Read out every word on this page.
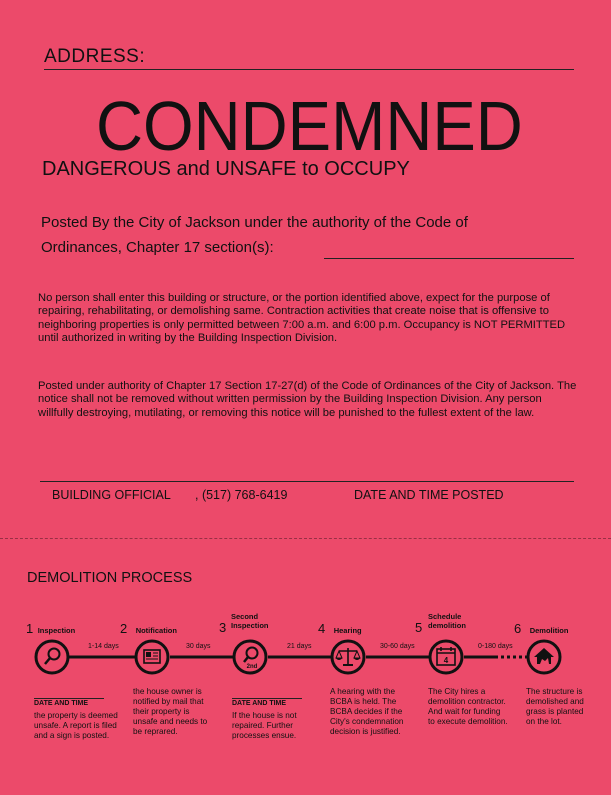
ADDRESS:
CONDEMNED
DANGEROUS and UNSAFE to OCCUPY
Posted By the City of Jackson under the authority of the Code of
Ordinances, Chapter 17 section(s):
No person shall enter this building or structure, or the portion identified above, expect for the purpose of
repairing, rehabilitating, or demolishing same. Contraction activities that create noise that is offensive to
neighboring properties is only permitted between 7:00 a.m. and 6:00 p.m. Occupancy is NOT PERMITTED
until authorized in writing by the Building Inspection Division.
Posted under authority of Chapter 17 Section 17-27(d) of the Code of Ordinances of the City of Jackson. The
notice shall not be removed without written permission by the Building Inspection Division. Any person
willfully destroying, mutilating, or removing this notice will be punished to the fullest extent of the law.
BUILDING OFFICIAL , (517) 768-6419	DATE AND TIME POSTED
DEMOLITION PROCESS
1 Inspection	2 Notification	3
Second
Inspection	4 Hearing	5
Schedule
demolition	6 Demolition
1-14 days	30 days	21 days	30-60 days	0-180 days
2nd
4
DATE AND TIME	DATE AND TIME
the property is deemed
unsafe. A report is filed
and a sign is posted.
the house owner is
notified by mail that
their property is
unsafe and needs to
be reprared.
If the house is not
repaired. Further
processes ensue.
A hearing with the
BCBA is held. The
BCBA decides if the
City's condemnation
decision is justified.
The City hires a
demolition contractor.
And wait for funding
to execute demolition.
The structure is
demolished and
grass is planted
on the lot.
